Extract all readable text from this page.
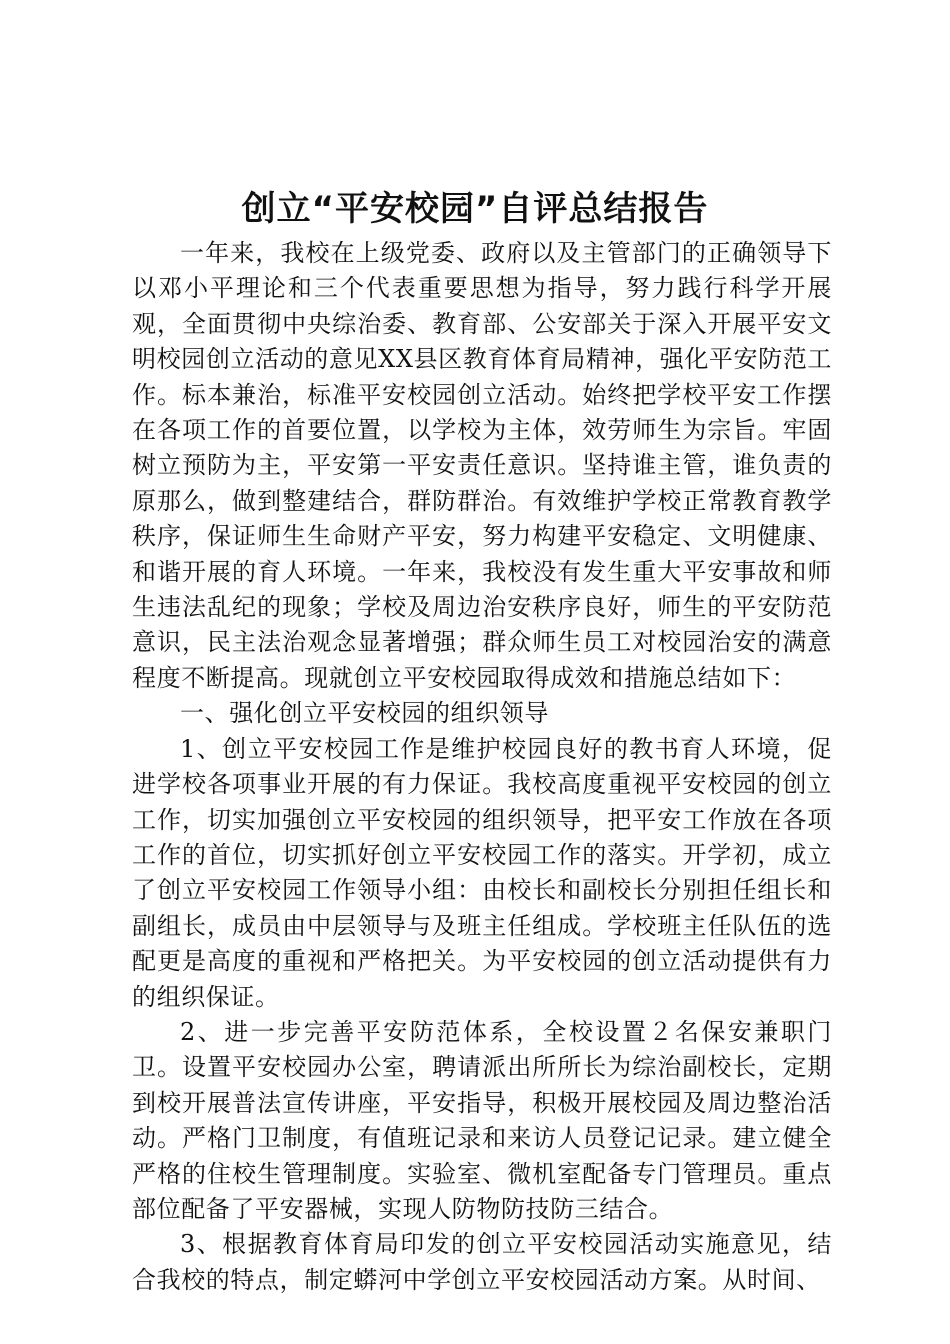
创立“平安校园”自评总结报告

一年来，我校在上级党委、政府以及主管部门的正确领导下以邓小平理论和三个代表重要思想为指导，努力践行科学开展观，全面贯彻中央综治委、教育部、公安部关于深入开展平安文明校园创立活动的意见XX县区教育体育局精神，强化平安防范工作。标本兼治，标准平安校园创立活动。始终把学校平安工作摆在各项工作的首要位置，以学校为主体，效劳师生为宗旨。牢固树立预防为主，平安第一平安责任意识。坚持谁主管，谁负责的原那么，做到整建结合，群防群治。有效维护学校正常教育教学秩序，保证师生生命财产平安，努力构建平安稳定、文明健康、和谐开展的育人环境。一年来，我校没有发生重大平安事故和师生违法乱纪的现象；学校及周边治安秩序良好，师生的平安防范意识，民主法治观念显著增强；群众师生员工对校园治安的满意程度不断提高。现就创立平安校园取得成效和措施总结如下：

一、强化创立平安校园的组织领导

1、创立平安校园工作是维护校园良好的教书育人环境，促进学校各项事业开展的有力保证。我校高度重视平安校园的创立工作，切实加强创立平安校园的组织领导，把平安工作放在各项工作的首位，切实抓好创立平安校园工作的落实。开学初，成立了创立平安校园工作领导小组：由校长和副校长分别担任组长和副组长，成员由中层领导与及班主任组成。学校班主任队伍的选配更是高度的重视和严格把关。为平安校园的创立活动提供有力的组织保证。

2、进一步完善平安防范体系，全校设置２名保安兼职门卫。设置平安校园办公室，聘请派出所所长为综治副校长，定期到校开展普法宣传讲座，平安指导，积极开展校园及周边整治活动。严格门卫制度，有值班记录和来访人员登记记录。建立健全严格的住校生管理制度。实验室、微机室配备专门管理员。重点部位配备了平安器械，实现人防物防技防三结合。

3、根据教育体育局印发的创立平安校园活动实施意见，结合我校的特点，制定蟒河中学创立平安校园活动方案。从时间、
